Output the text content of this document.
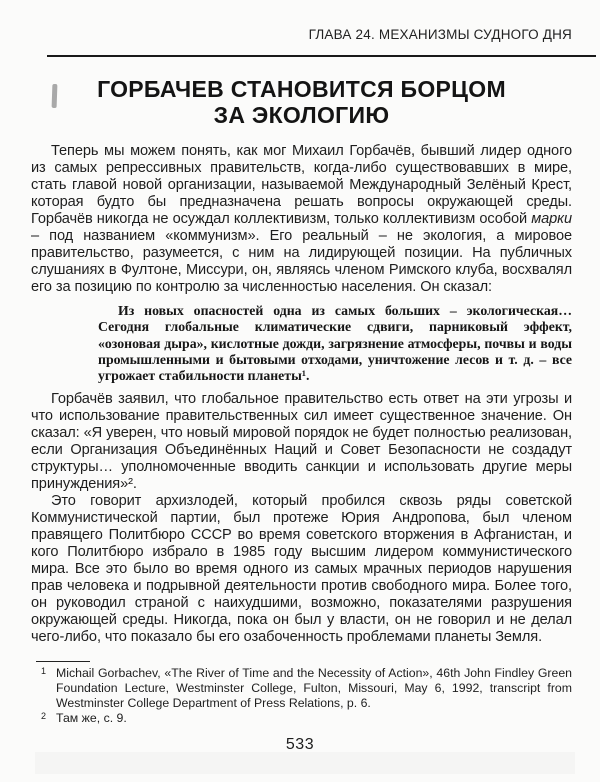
ГЛАВА 24. МЕХАНИЗМЫ СУДНОГО ДНЯ
ГОРБАЧЕВ СТАНОВИТСЯ БОРЦОМ
ЗА ЭКОЛОГИЮ

Теперь мы можем понять, как мог Михаил Горбачёв, бывший лидер одного из самых репрессивных правительств, когда-либо существовавших в мире, стать главой новой организации, называемой Международный Зелёный Крест, которая будто бы предназначена решать вопросы окружающей среды. Горбачёв никогда не осуждал коллективизм, только коллективизм особой марки – под названием «коммунизм». Его реальный – не экология, а мировое правительство, разумеется, с ним на лидирующей позиции. На публичных слушаниях в Фултоне, Миссури, он, являясь членом Римского клуба, восхвалял его за позицию по контролю за численностью населения. Он сказал:

Из новых опасностей одна из самых больших – экологическая… Сегодня глобальные климатические сдвиги, парниковый эффект, «озоновая дыра», кислотные дожди, загрязнение атмосферы, почвы и воды промышленными и бытовыми отходами, уничтожение лесов и т. д. – все угрожает стабильности планеты¹.

Горбачёв заявил, что глобальное правительство есть ответ на эти угрозы и что использование правительственных сил имеет существенное значение. Он сказал: «Я уверен, что новый мировой порядок не будет полностью реализован, если Организация Объединённых Наций и Совет Безопасности не создадут структуры… уполномоченные вводить санкции и использовать другие меры принуждения»².

Это говорит архизлодей, который пробился сквозь ряды советской Коммунистической партии, был протеже Юрия Андропова, был членом правящего Политбюро СССР во время советского вторжения в Афганистан, и кого Политбюро избрало в 1985 году высшим лидером коммунистического мира. Все это было во время одного из самых мрачных периодов нарушения прав человека и подрывной деятельности против свободного мира. Более того, он руководил страной с наихудшими, возможно, показателями разрушения окружающей среды. Никогда, пока он был у власти, он не говорил и не делал чего-либо, что показало бы его озабоченность проблемами планеты Земля.

1 Michail Gorbachev, «The River of Time and the Necessity of Action», 46th John Findley Green Foundation Lecture, Westminster College, Fulton, Missouri, May 6, 1992, transcript from Westminster College Department of Press Relations, p. 6.

2 Там же, с. 9.

533
